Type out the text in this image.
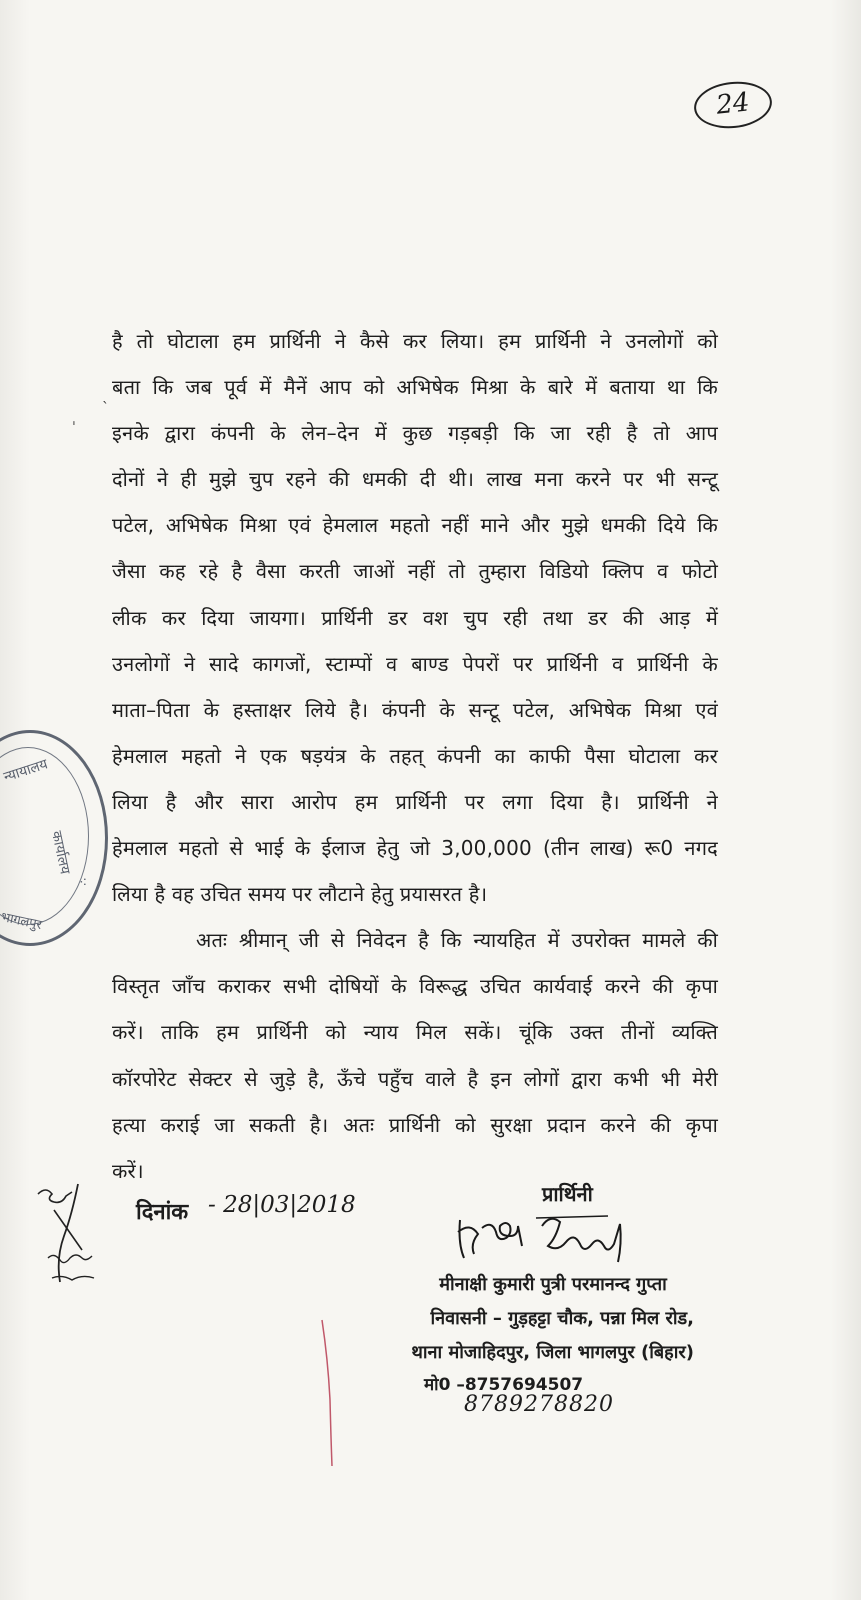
24
है तो घोटाला हम प्रार्थिनी ने कैसे कर लिया। हम प्रार्थिनी ने उनलोगों को
बता कि जब पूर्व में मैनें आप को अभिषेक मिश्रा के बारे में बताया था कि
इनके द्वारा कंपनी के लेन–देन में कुछ गड़बड़ी कि जा रही है तो आप
दोनों ने ही मुझे चुप रहने की धमकी दी थी। लाख मना करने पर भी सन्टू
पटेल, अभिषेक मिश्रा एवं हेमलाल महतो नहीं माने और मुझे धमकी दिये कि
जैसा कह रहे है वैसा करती जाओं नहीं तो तुम्हारा विडियो क्लिप व फोटो
लीक कर दिया जायगा। प्रार्थिनी डर वश चुप रही तथा डर की आड़ में
उनलोगों ने सादे कागजों, स्टाम्पों व बाण्ड पेपरों पर प्रार्थिनी व प्रार्थिनी के
माता–पिता के हस्ताक्षर लिये है। कंपनी के सन्टू पटेल, अभिषेक मिश्रा एवं
हेमलाल महतो ने एक षड़यंत्र के तहत् कंपनी का काफी पैसा घोटाला कर
लिया है और सारा आरोप हम प्रार्थिनी पर लगा दिया है। प्रार्थिनी ने
हेमलाल महतो से भाई के ईलाज हेतु जो 3,00,000 (तीन लाख) रू0 नगद
लिया है वह उचित समय पर लौटाने हेतु प्रयासरत है।
अतः श्रीमान् जी से निवेदन है कि न्यायहित में उपरोक्त मामले की
विस्तृत जाँच कराकर सभी दोषियों के विरूद्ध उचित कार्यवाई करने की कृपा
करें। ताकि हम प्रार्थिनी को न्याय मिल सकें। चूंकि उक्त तीनों व्यक्ति
कॉरपोरेट सेक्टर से जुड़े है, ऊँचे पहुँच वाले है इन लोगों द्वारा कभी भी मेरी
हत्या कराई जा सकती है। अतः प्रार्थिनी को सुरक्षा प्रदान करने की कृपा
करें।
न्यायालय
कार्यालय
भागलपुर
⁖
ˎ
ˈ
दिनांक - 28|03|2018	प्रार्थिनी
मीनाक्षी कुमारी पुत्री परमानन्द गुप्ता
निवासनी – गुड़हट्टा चौक, पन्ना मिल रोड,
थाना मोजाहिदपुर, जिला भागलपुर (बिहार)
मो0 –8757694507
8789278820
